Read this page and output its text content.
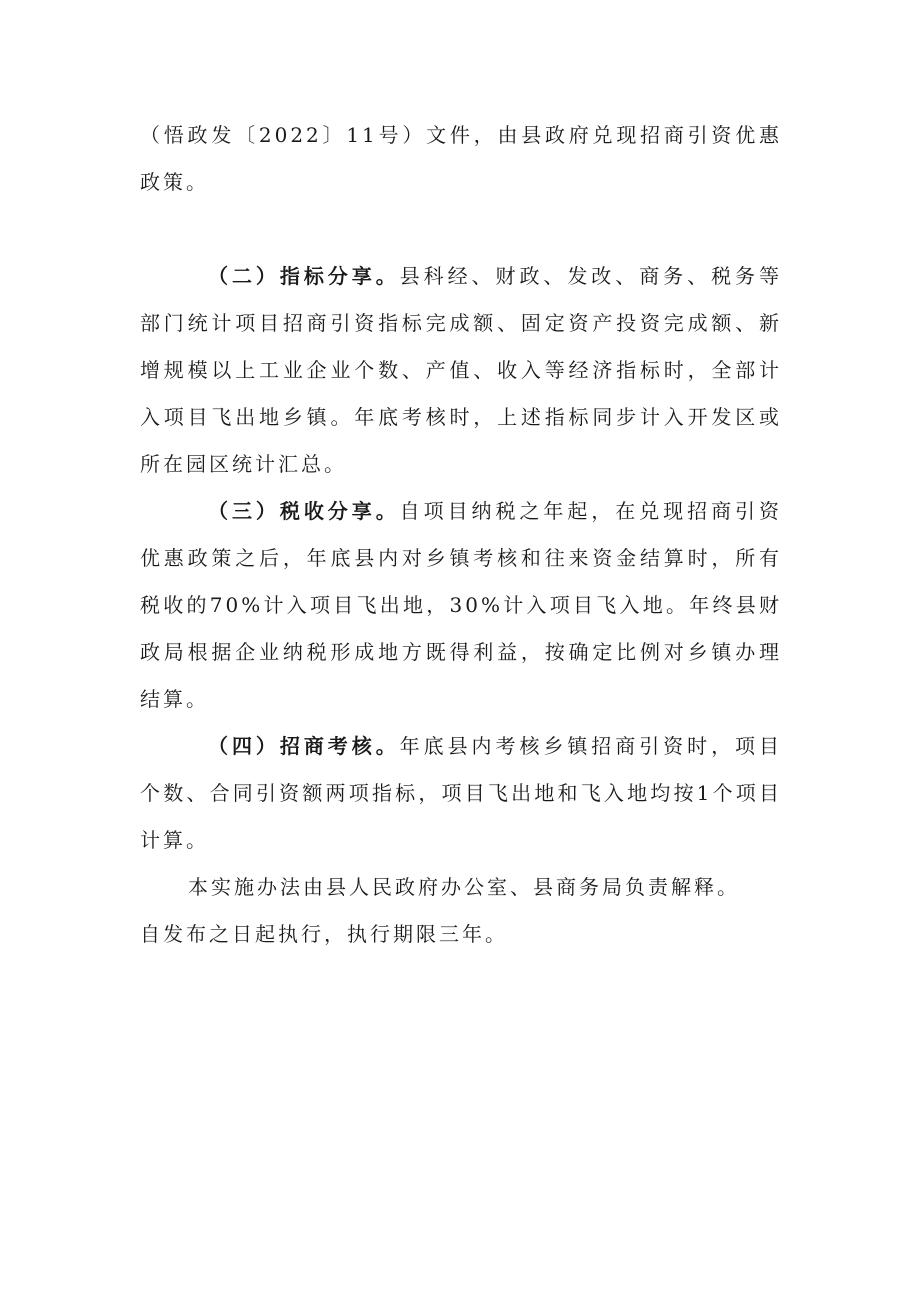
（悟政发〔2022〕11号）文件，由县政府兑现招商引资优惠政策。

（二）指标分享。县科经、财政、发改、商务、税务等部门统计项目招商引资指标完成额、固定资产投资完成额、新增规模以上工业企业个数、产值、收入等经济指标时，全部计入项目飞出地乡镇。年底考核时，上述指标同步计入开发区或所在园区统计汇总。

（三）税收分享。自项目纳税之年起，在兑现招商引资优惠政策之后，年底县内对乡镇考核和往来资金结算时，所有税收的70%计入项目飞出地，30%计入项目飞入地。年终县财政局根据企业纳税形成地方既得利益，按确定比例对乡镇办理结算。

（四）招商考核。年底县内考核乡镇招商引资时，项目个数、合同引资额两项指标，项目飞出地和飞入地均按1个项目计算。

本实施办法由县人民政府办公室、县商务局负责解释。

自发布之日起执行，执行期限三年。
